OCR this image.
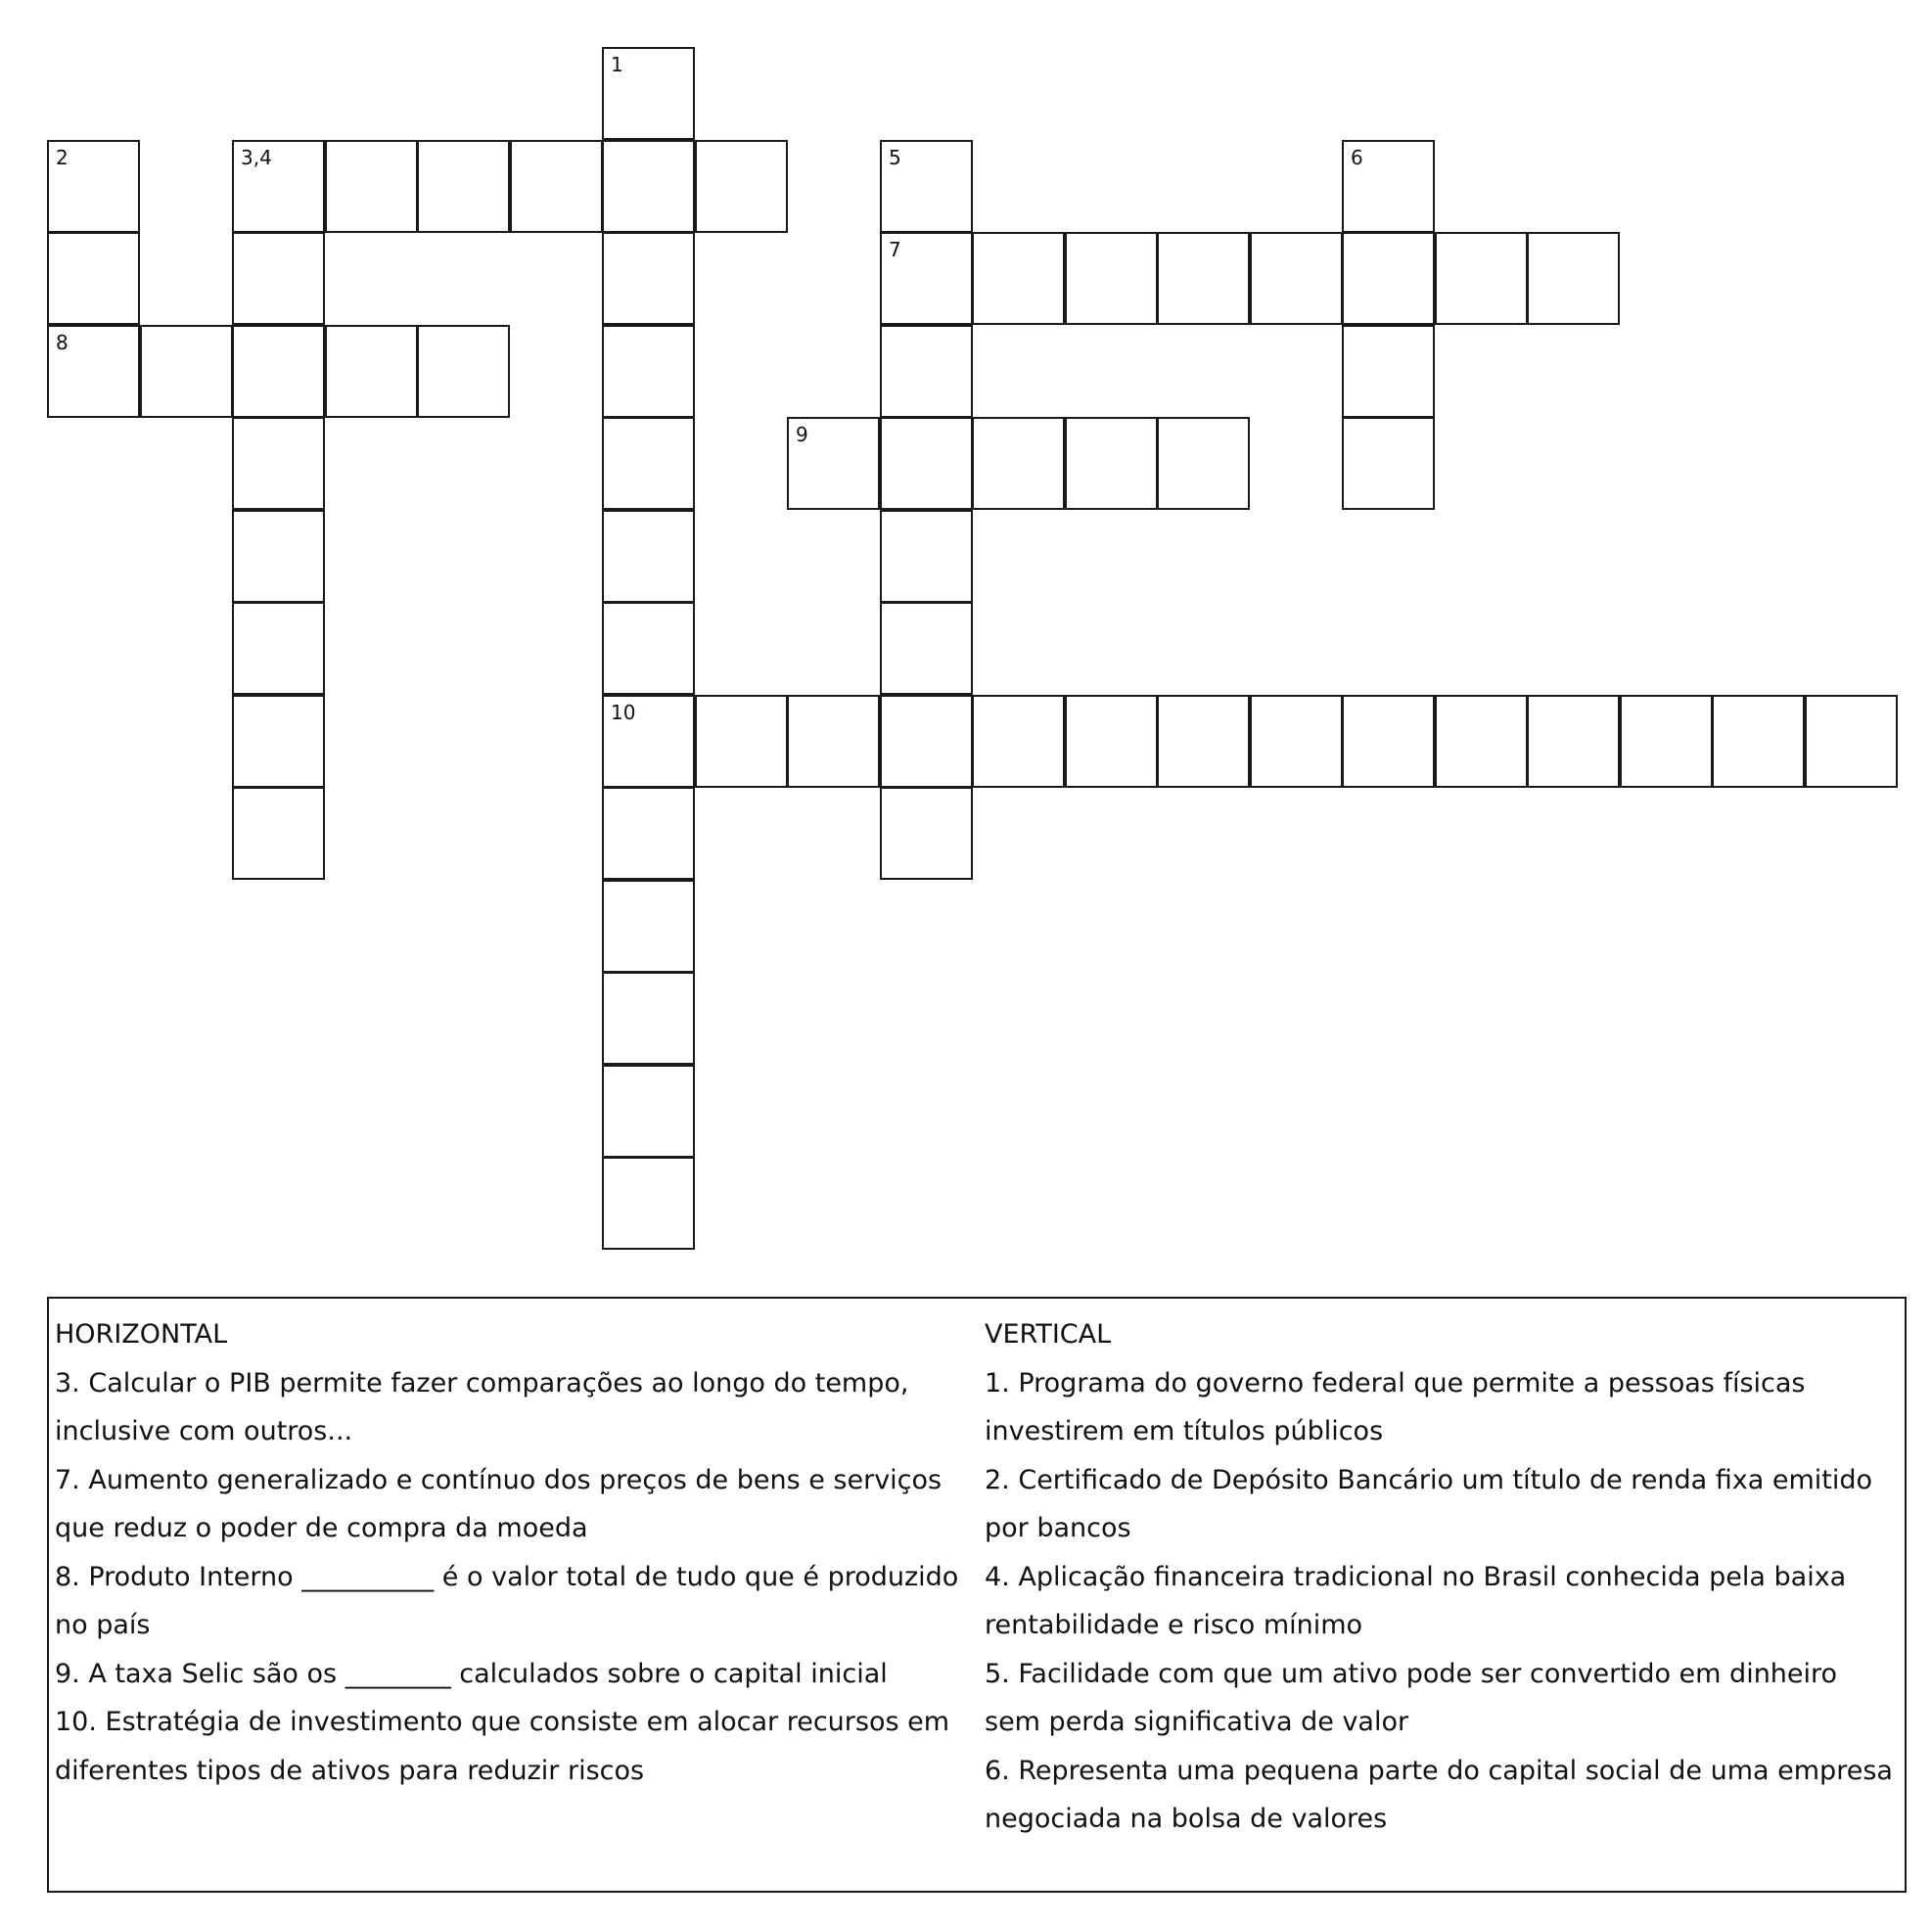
1
10
2
8
3,4	5
7
6
9
HORIZONTAL
3. Calcular o PIB permite fazer comparações ao longo do tempo, inclusive com outros...
7. Aumento generalizado e contínuo dos preços de bens e serviços que reduz o poder de compra da moeda
8. Produto Interno __________ é o valor total de tudo que é produzido no país
9. A taxa Selic são os ________ calculados sobre o capital inicial
10. Estratégia de investimento que consiste em alocar recursos em diferentes tipos de ativos para reduzir riscos
VERTICAL
1. Programa do governo federal que permite a pessoas físicas investirem em títulos públicos
2. Certificado de Depósito Bancário um título de renda fixa emitido por bancos
4. Aplicação financeira tradicional no Brasil conhecida pela baixa rentabilidade e risco mínimo
5. Facilidade com que um ativo pode ser convertido em dinheiro sem perda significativa de valor
6. Representa uma pequena parte do capital social de uma empresa negociada na bolsa de valores
